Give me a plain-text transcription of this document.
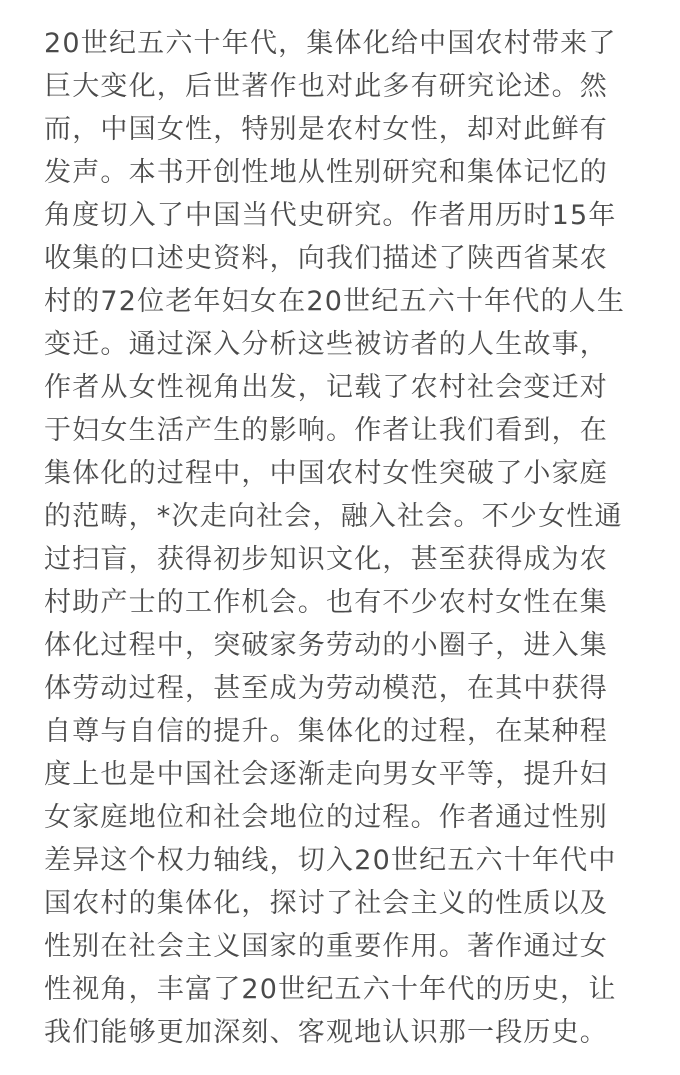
20世纪五六十年代，集体化给中国农村带来了
巨大变化，后世著作也对此多有研究论述。然
而，中国女性，特别是农村女性，却对此鲜有
发声。本书开创性地从性别研究和集体记忆的
角度切入了中国当代史研究。作者用历时15年
收集的口述史资料，向我们描述了陕西省某农
村的72位老年妇女在20世纪五六十年代的人生
变迁。通过深入分析这些被访者的人生故事，
作者从女性视角出发，记载了农村社会变迁对
于妇女生活产生的影响。作者让我们看到，在
集体化的过程中，中国农村女性突破了小家庭
的范畴，*次走向社会，融入社会。不少女性通
过扫盲，获得初步知识文化，甚至获得成为农
村助产士的工作机会。也有不少农村女性在集
体化过程中，突破家务劳动的小圈子，进入集
体劳动过程，甚至成为劳动模范，在其中获得
自尊与自信的提升。集体化的过程，在某种程
度上也是中国社会逐渐走向男女平等，提升妇
女家庭地位和社会地位的过程。作者通过性别
差异这个权力轴线，切入20世纪五六十年代中
国农村的集体化，探讨了社会主义的性质以及
性别在社会主义国家的重要作用。著作通过女
性视角，丰富了20世纪五六十年代的历史，让
我们能够更加深刻、客观地认识那一段历史。
